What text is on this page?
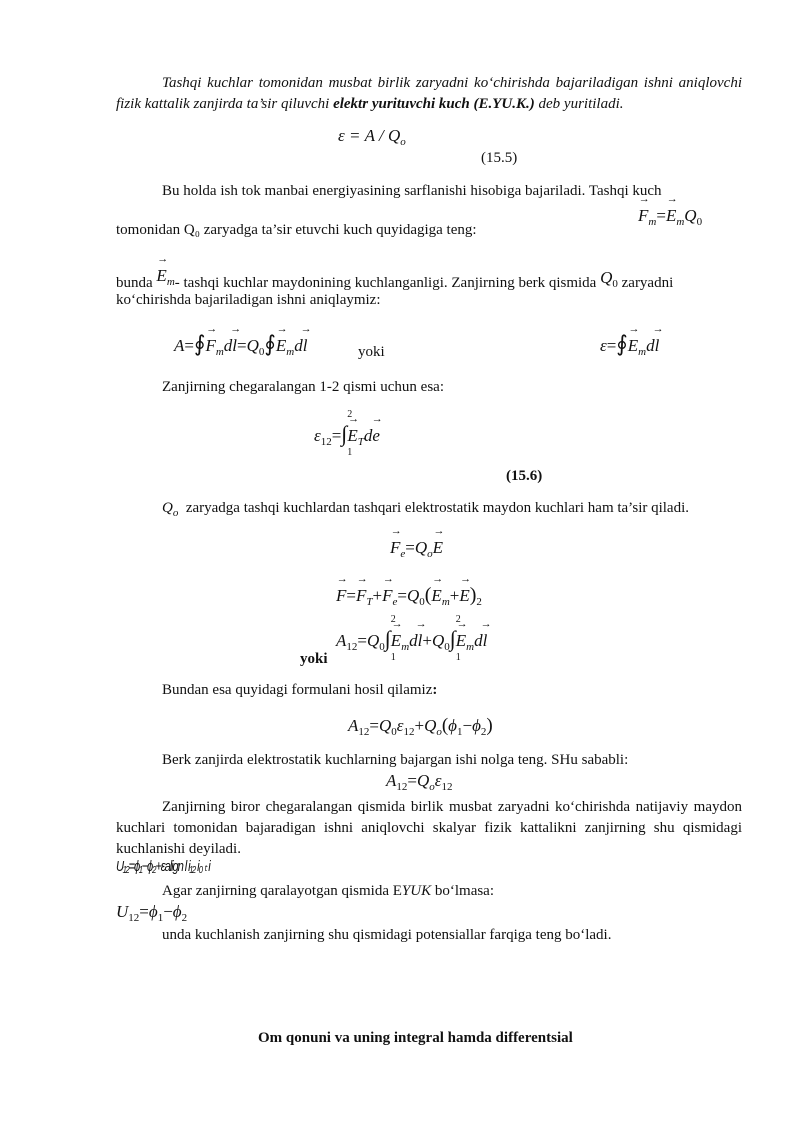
Tashqi kuchlar tomonidan musbat birlik zaryadni ko‘chirishda bajariladigan ishni aniqlovchi fizik kattalik zanjirda ta’sir qiluvchi elektr yurituvchi kuch (E.YU.K.) deb yuritiladi.
$\varepsilon = A / Q_o$
(15.5)
Bu holda ish tok manbai energiyasining sarflanishi hisobiga bajariladi. Tashqi kuch
tomonidan Q₀ zaryadga ta’sir etuvchi kuch quyidagiga teng:
→ $F_m=\to E_mQ_0$
bunda → $E_m-$ tashqi kuchlar maydonining kuchlanganligi. Zanjirning berk qismida $Q_0$ zaryadni
ko‘chirishda bajariladigan ishni aniqlaymiz:
A=∮→ $F_md\to$ $l=Q_0∮\to E_md\to l$	yoki	ε=∮→ $E_md\to l$
Zanjirning chegaralangan 1-2 qismi uchun esa:
$\varepsilon_{12}=\int$
2
1
→ $E_Td\to e$
(15.6)
$Q_o$ zaryadga tashqi kuchlardan tashqari elektrostatik maydon kuchlari ham ta’sir qiladi.
→ $F_e=Q_o\to E$
→ $F=\to F_T+\to F_e=Q_0(\to E_m+\to E)_2$
$A_{12}=Q_0\int$
2
1
→ $E_md\to l+Q_0\int$
2
1
→ $E_md\to l$
yoki
Bundan esa quyidagi formulani hosil qilamiz:
$A_{12}=Q_0\varepsilon_{12}+Q_o(\phi_1-\phi_2)$
Berk zanjirda elektrostatik kuchlarning bajargan ishi nolga teng. SHu sababli:
$A_{12}=Q_o\varepsilon_{12}$
Zanjirning biror chegaralangan qismida birlik musbat zaryadni ko‘chirishda natijaviy maydon kuchlari tomonidan bajaradigan ishni aniqlovchi skalyar fizik kattalikni zanjirning shu qismidagi kuchlanishi deyiladi.
U₁₂=ϕ₁−ϕ₂+εalign l i₁₂ i₀ ₜ i
Agar zanjirning qaralayotgan qismida EYUK bo‘lmasa:
$U_{12}=\phi_1-\phi_2$
unda kuchlanish zanjirning shu qismidagi potensiallar farqiga teng bo‘ladi.
Om qonuni va uning integral hamda differentsial
